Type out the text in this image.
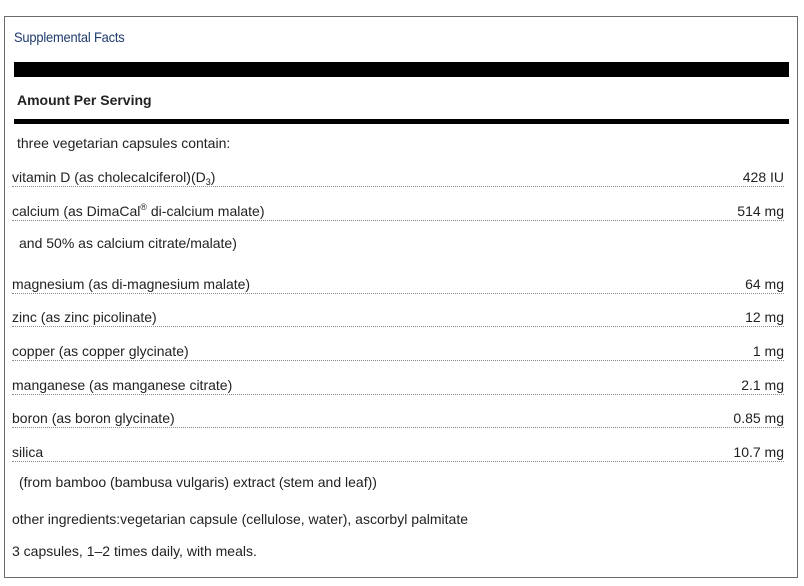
Supplemental Facts
Amount Per Serving
three vegetarian capsules contain:
vitamin D (as $cholecalciferol)(D_3)$	428 IU
calcium (as DimaCal® di-calcium malate)	514 mg
and 50% as calcium citrate/malate)
magnesium (as di-magnesium malate)	64 mg
zinc (as zinc picolinate)	12 mg
copper (as copper glycinate)	1 mg
manganese (as manganese citrate)	2.1 mg
boron (as boron glycinate)	0.85 mg
silica	10.7 mg
(from bamboo (bambusa vulgaris) extract (stem and leaf))
other ingredients:vegetarian capsule (cellulose, water), ascorbyl palmitate
3 capsules, 1–2 times daily, with meals.
